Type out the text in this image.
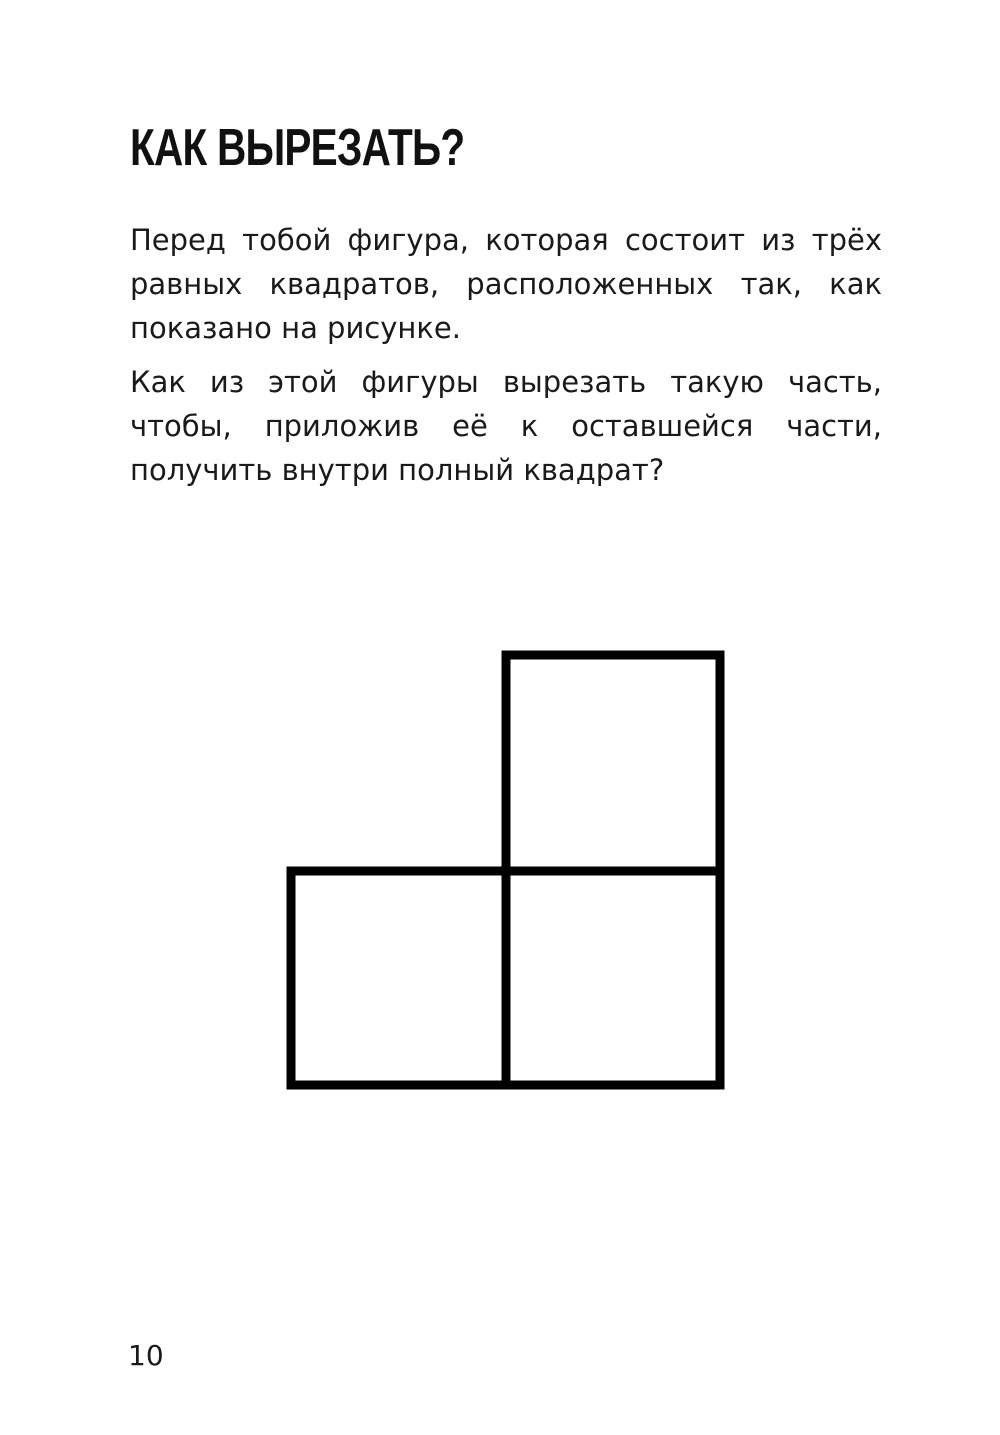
КАК ВЫРЕЗАТЬ?

Перед тобой фигура, которая состоит из трёх равных квадратов, расположенных так, как показано на рисунке.

Как из этой фигуры вырезать такую часть, чтобы, приложив её к оставшейся части, получить внутри полный квадрат?

10
